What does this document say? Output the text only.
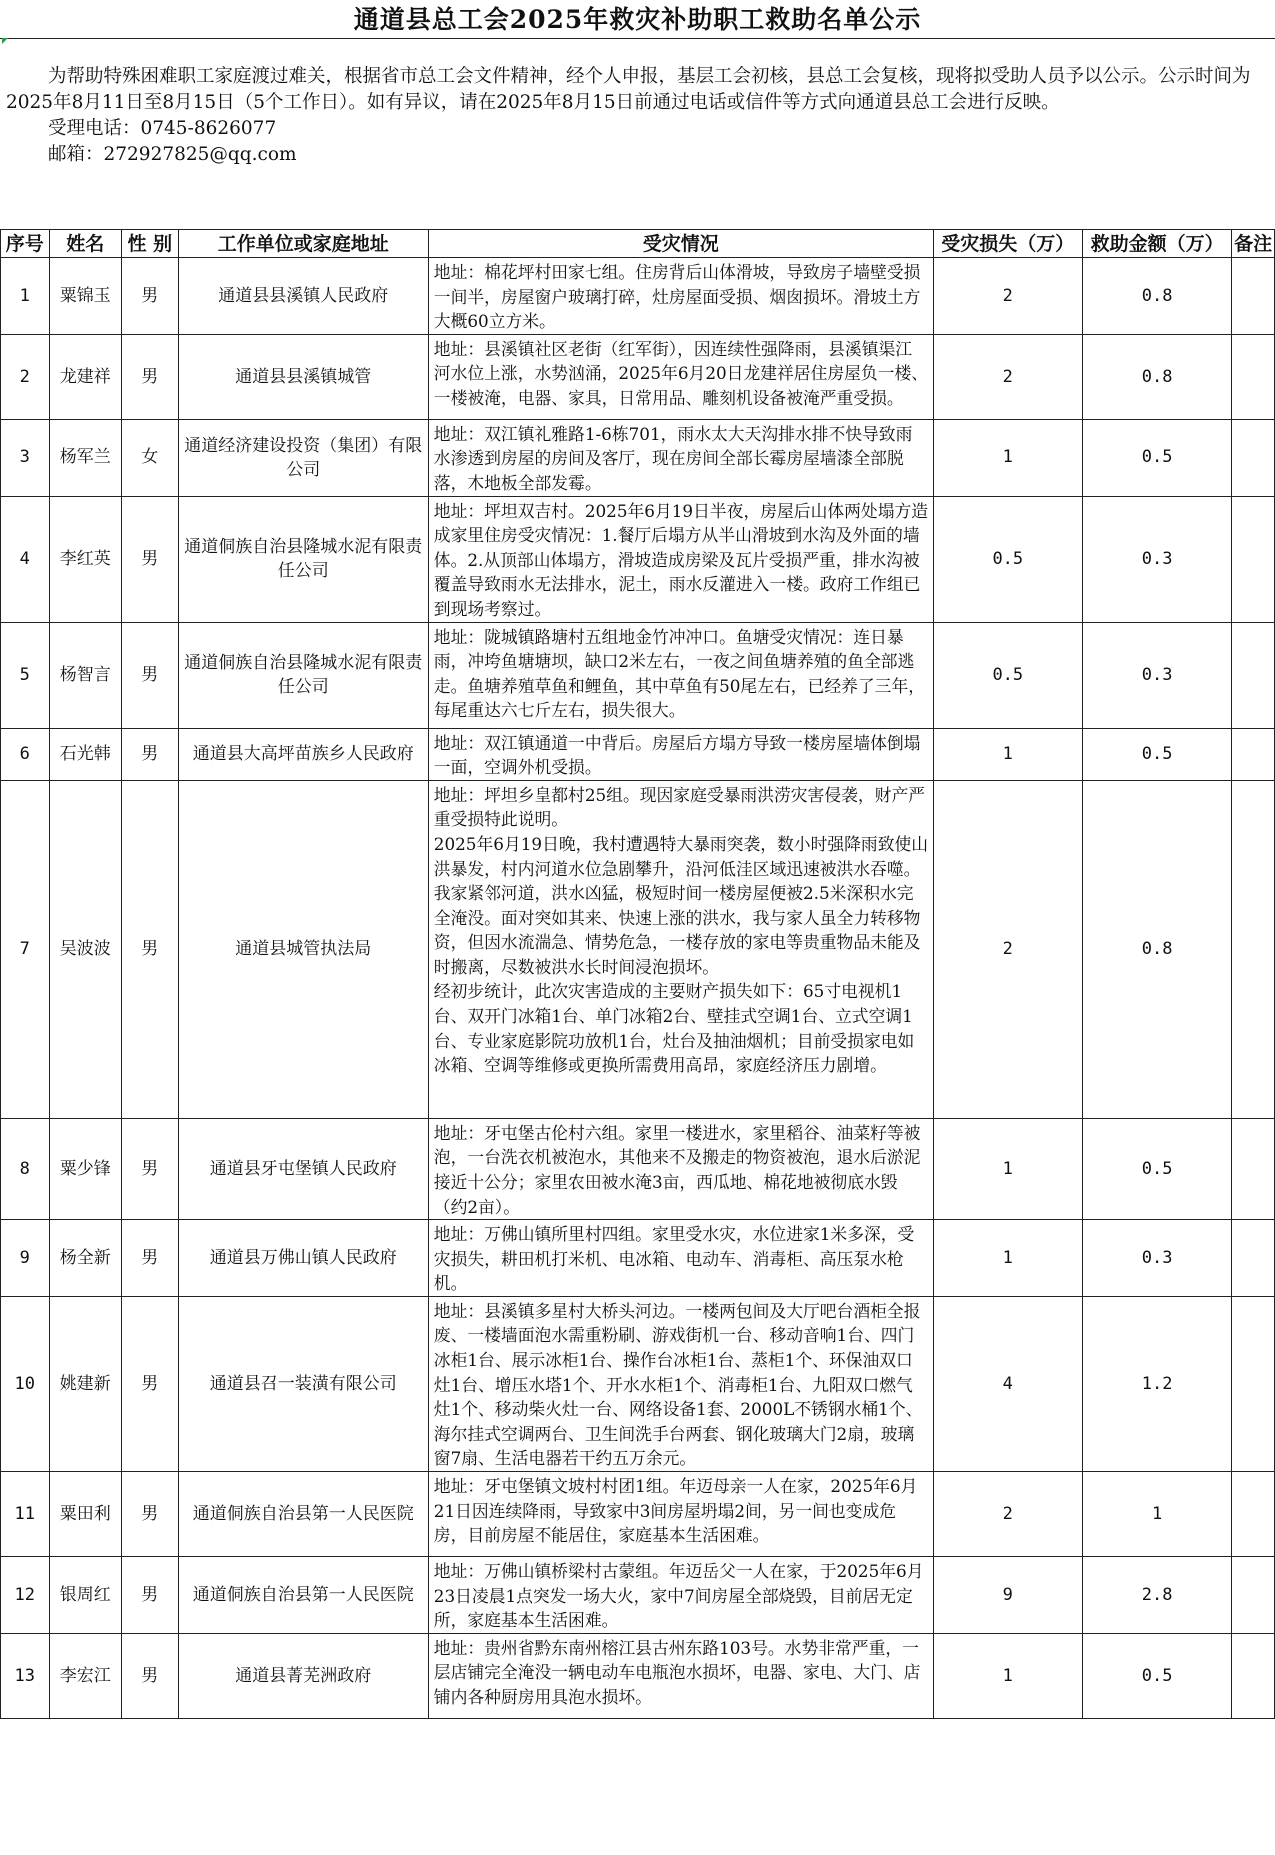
通道县总工会2025年救灾补助职工救助名单公示

为帮助特殊困难职工家庭渡过难关，根据省市总工会文件精神，经个人申报，基层工会初核，县总工会复核，现将拟受助人员予以公示。公示时间为2025年8月11日至8月15日（5个工作日）。如有异议，请在2025年8月15日前通过电话或信件等方式向通道县总工会进行反映。

受理电话：0745-8626077
邮箱：272927825@qq.com
序号	姓名	性 别	工作单位或家庭地址	受灾情况	受灾损失（万）	救助金额（万）	备注
1	粟锦玉	男	通道县县溪镇人民政府	地址：棉花坪村田家七组。住房背后山体滑坡，导致房子墙壁受损一间半，房屋窗户玻璃打碎，灶房屋面受损、烟囱损坏。滑坡土方大概60立方米。	2	0.8	
2	龙建祥	男	通道县县溪镇城管	地址：县溪镇社区老街（红军街），因连续性强降雨，县溪镇渠江河水位上涨，水势汹涌，2025年6月20日龙建祥居住房屋负一楼、一楼被淹，电器、家具，日常用品、雕刻机设备被淹严重受损。	2	0.8	
3	杨军兰	女	通道经济建设投资（集团）有限公司	地址：双江镇礼雅路1-6栋701，雨水太大天沟排水排不快导致雨水渗透到房屋的房间及客厅，现在房间全部长霉房屋墙漆全部脱落，木地板全部发霉。	1	0.5	
4	李红英	男	通道侗族自治县隆城水泥有限责任公司	地址：坪坦双吉村。2025年6月19日半夜，房屋后山体两处塌方造成家里住房受灾情况：1.餐厅后塌方从半山滑坡到水沟及外面的墙体。2.从顶部山体塌方，滑坡造成房梁及瓦片受损严重，排水沟被覆盖导致雨水无法排水，泥土，雨水反灌进入一楼。政府工作组已到现场考察过。	0.5	0.3	
5	杨智言	男	通道侗族自治县隆城水泥有限责任公司	地址：陇城镇路塘村五组地金竹冲冲口。鱼塘受灾情况：连日暴雨，冲垮鱼塘塘坝，缺口2米左右，一夜之间鱼塘养殖的鱼全部逃走。鱼塘养殖草鱼和鲤鱼，其中草鱼有50尾左右，已经养了三年，每尾重达六七斤左右，损失很大。	0.5	0.3	
6	石光韩	男	通道县大高坪苗族乡人民政府	地址：双江镇通道一中背后。房屋后方塌方导致一楼房屋墙体倒塌一面，空调外机受损。	1	0.5	
7	吴波波	男	通道县城管执法局	地址：坪坦乡皇都村25组。现因家庭受暴雨洪涝灾害侵袭，财产严重受损特此说明。
2025年6月19日晚，我村遭遇特大暴雨突袭，数小时强降雨致使山洪暴发，村内河道水位急剧攀升，沿河低洼区域迅速被洪水吞噬。我家紧邻河道，洪水凶猛，极短时间一楼房屋便被2.5米深积水完全淹没。面对突如其来、快速上涨的洪水，我与家人虽全力转移物资，但因水流湍急、情势危急，一楼存放的家电等贵重物品未能及时搬离，尽数被洪水长时间浸泡损坏。
经初步统计，此次灾害造成的主要财产损失如下：65寸电视机1台、双开门冰箱1台、单门冰箱2台、壁挂式空调1台、立式空调1台、专业家庭影院功放机1台，灶台及抽油烟机；目前受损家电如冰箱、空调等维修或更换所需费用高昂，家庭经济压力剧增。	2	0.8	
8	粟少锋	男	通道县牙屯堡镇人民政府	地址：牙屯堡古伦村六组。家里一楼进水，家里稻谷、油菜籽等被泡，一台洗衣机被泡水，其他来不及搬走的物资被泡，退水后淤泥接近十公分；家里农田被水淹3亩，西瓜地、棉花地被彻底水毁（约2亩）。	1	0.5	
9	杨全新	男	通道县万佛山镇人民政府	地址：万佛山镇所里村四组。家里受水灾，水位进家1米多深，受灾损失，耕田机打米机、电冰箱、电动车、消毒柜、高压泵水枪机。	1	0.3	
10	姚建新	男	通道县召一装潢有限公司	地址：县溪镇多星村大桥头河边。一楼两包间及大厅吧台酒柜全报废、一楼墙面泡水需重粉刷、游戏街机一台、移动音响1台、四门冰柜1台、展示冰柜1台、操作台冰柜1台、蒸柜1个、环保油双口灶1台、增压水塔1个、开水水柜1个、消毒柜1台、九阳双口燃气灶1个、移动柴火灶一台、网络设备1套、2000L不锈钢水桶1个、海尔挂式空调两台、卫生间洗手台两套、钢化玻璃大门2扇，玻璃窗7扇、生活电器若干约五万余元。	4	1.2	
11	粟田利	男	通道侗族自治县第一人民医院	地址：牙屯堡镇文坡村村团1组。年迈母亲一人在家，2025年6月21日因连续降雨，导致家中3间房屋坍塌2间，另一间也变成危房，目前房屋不能居住，家庭基本生活困难。	2	1	
12	银周红	男	通道侗族自治县第一人民医院	地址：万佛山镇桥梁村古蒙组。年迈岳父一人在家，于2025年6月23日凌晨1点突发一场大火，家中7间房屋全部烧毁，目前居无定所，家庭基本生活困难。	9	2.8	
13	李宏江	男	通道县菁芜洲政府	地址：贵州省黔东南州榕江县古州东路103号。水势非常严重，一层店铺完全淹没一辆电动车电瓶泡水损坏，电器、家电、大门、店铺内各种厨房用具泡水损坏。	1	0.5	
